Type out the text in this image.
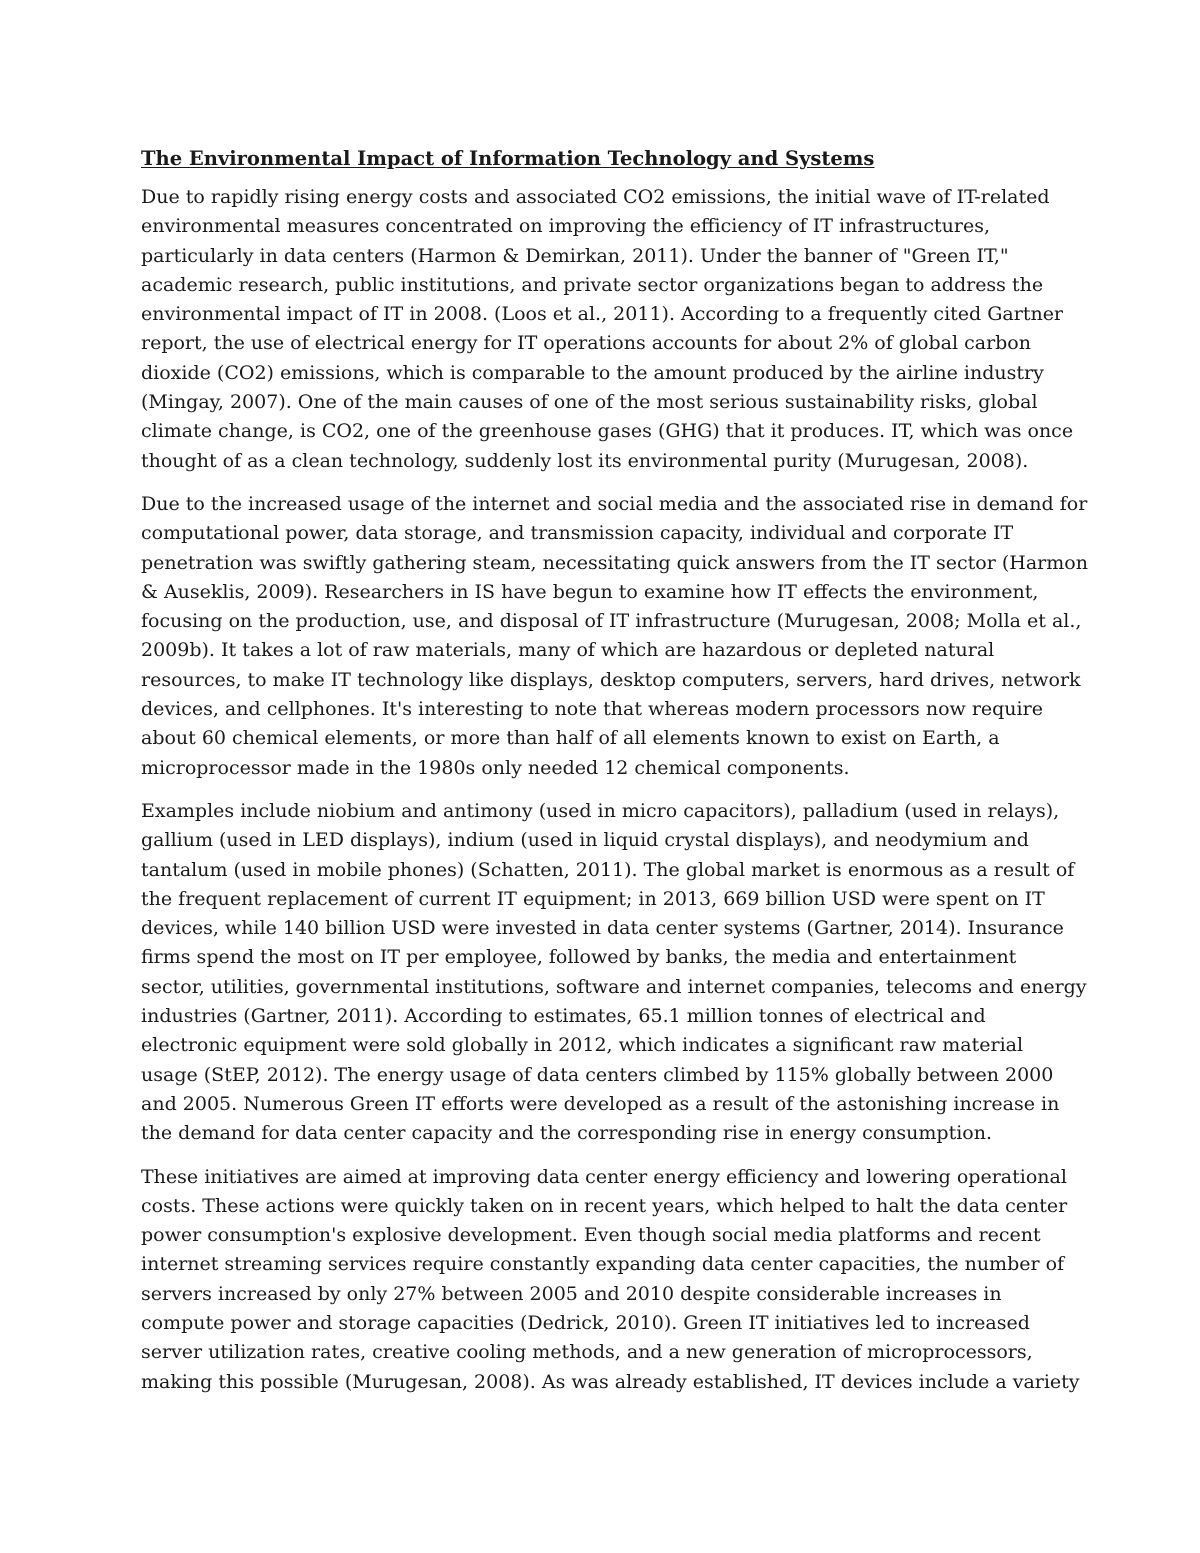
The Environmental Impact of Information Technology and Systems

Due to rapidly rising energy costs and associated CO2 emissions, the initial wave of IT-related
environmental measures concentrated on improving the efficiency of IT infrastructures,
particularly in data centers (Harmon & Demirkan, 2011). Under the banner of "Green IT,"
academic research, public institutions, and private sector organizations began to address the
environmental impact of IT in 2008. (Loos et al., 2011). According to a frequently cited Gartner
report, the use of electrical energy for IT operations accounts for about 2% of global carbon
dioxide (CO2) emissions, which is comparable to the amount produced by the airline industry
(Mingay, 2007). One of the main causes of one of the most serious sustainability risks, global
climate change, is CO2, one of the greenhouse gases (GHG) that it produces. IT, which was once
thought of as a clean technology, suddenly lost its environmental purity (Murugesan, 2008).

Due to the increased usage of the internet and social media and the associated rise in demand for
computational power, data storage, and transmission capacity, individual and corporate IT
penetration was swiftly gathering steam, necessitating quick answers from the IT sector (Harmon
& Auseklis, 2009). Researchers in IS have begun to examine how IT effects the environment,
focusing on the production, use, and disposal of IT infrastructure (Murugesan, 2008; Molla et al.,
2009b). It takes a lot of raw materials, many of which are hazardous or depleted natural
resources, to make IT technology like displays, desktop computers, servers, hard drives, network
devices, and cellphones. It's interesting to note that whereas modern processors now require
about 60 chemical elements, or more than half of all elements known to exist on Earth, a
microprocessor made in the 1980s only needed 12 chemical components.

Examples include niobium and antimony (used in micro capacitors), palladium (used in relays),
gallium (used in LED displays), indium (used in liquid crystal displays), and neodymium and
tantalum (used in mobile phones) (Schatten, 2011). The global market is enormous as a result of
the frequent replacement of current IT equipment; in 2013, 669 billion USD were spent on IT
devices, while 140 billion USD were invested in data center systems (Gartner, 2014). Insurance
firms spend the most on IT per employee, followed by banks, the media and entertainment
sector, utilities, governmental institutions, software and internet companies, telecoms and energy
industries (Gartner, 2011). According to estimates, 65.1 million tonnes of electrical and
electronic equipment were sold globally in 2012, which indicates a significant raw material
usage (StEP, 2012). The energy usage of data centers climbed by 115% globally between 2000
and 2005. Numerous Green IT efforts were developed as a result of the astonishing increase in
the demand for data center capacity and the corresponding rise in energy consumption.

These initiatives are aimed at improving data center energy efficiency and lowering operational
costs. These actions were quickly taken on in recent years, which helped to halt the data center
power consumption's explosive development. Even though social media platforms and recent
internet streaming services require constantly expanding data center capacities, the number of
servers increased by only 27% between 2005 and 2010 despite considerable increases in
compute power and storage capacities (Dedrick, 2010). Green IT initiatives led to increased
server utilization rates, creative cooling methods, and a new generation of microprocessors,
making this possible (Murugesan, 2008). As was already established, IT devices include a variety
